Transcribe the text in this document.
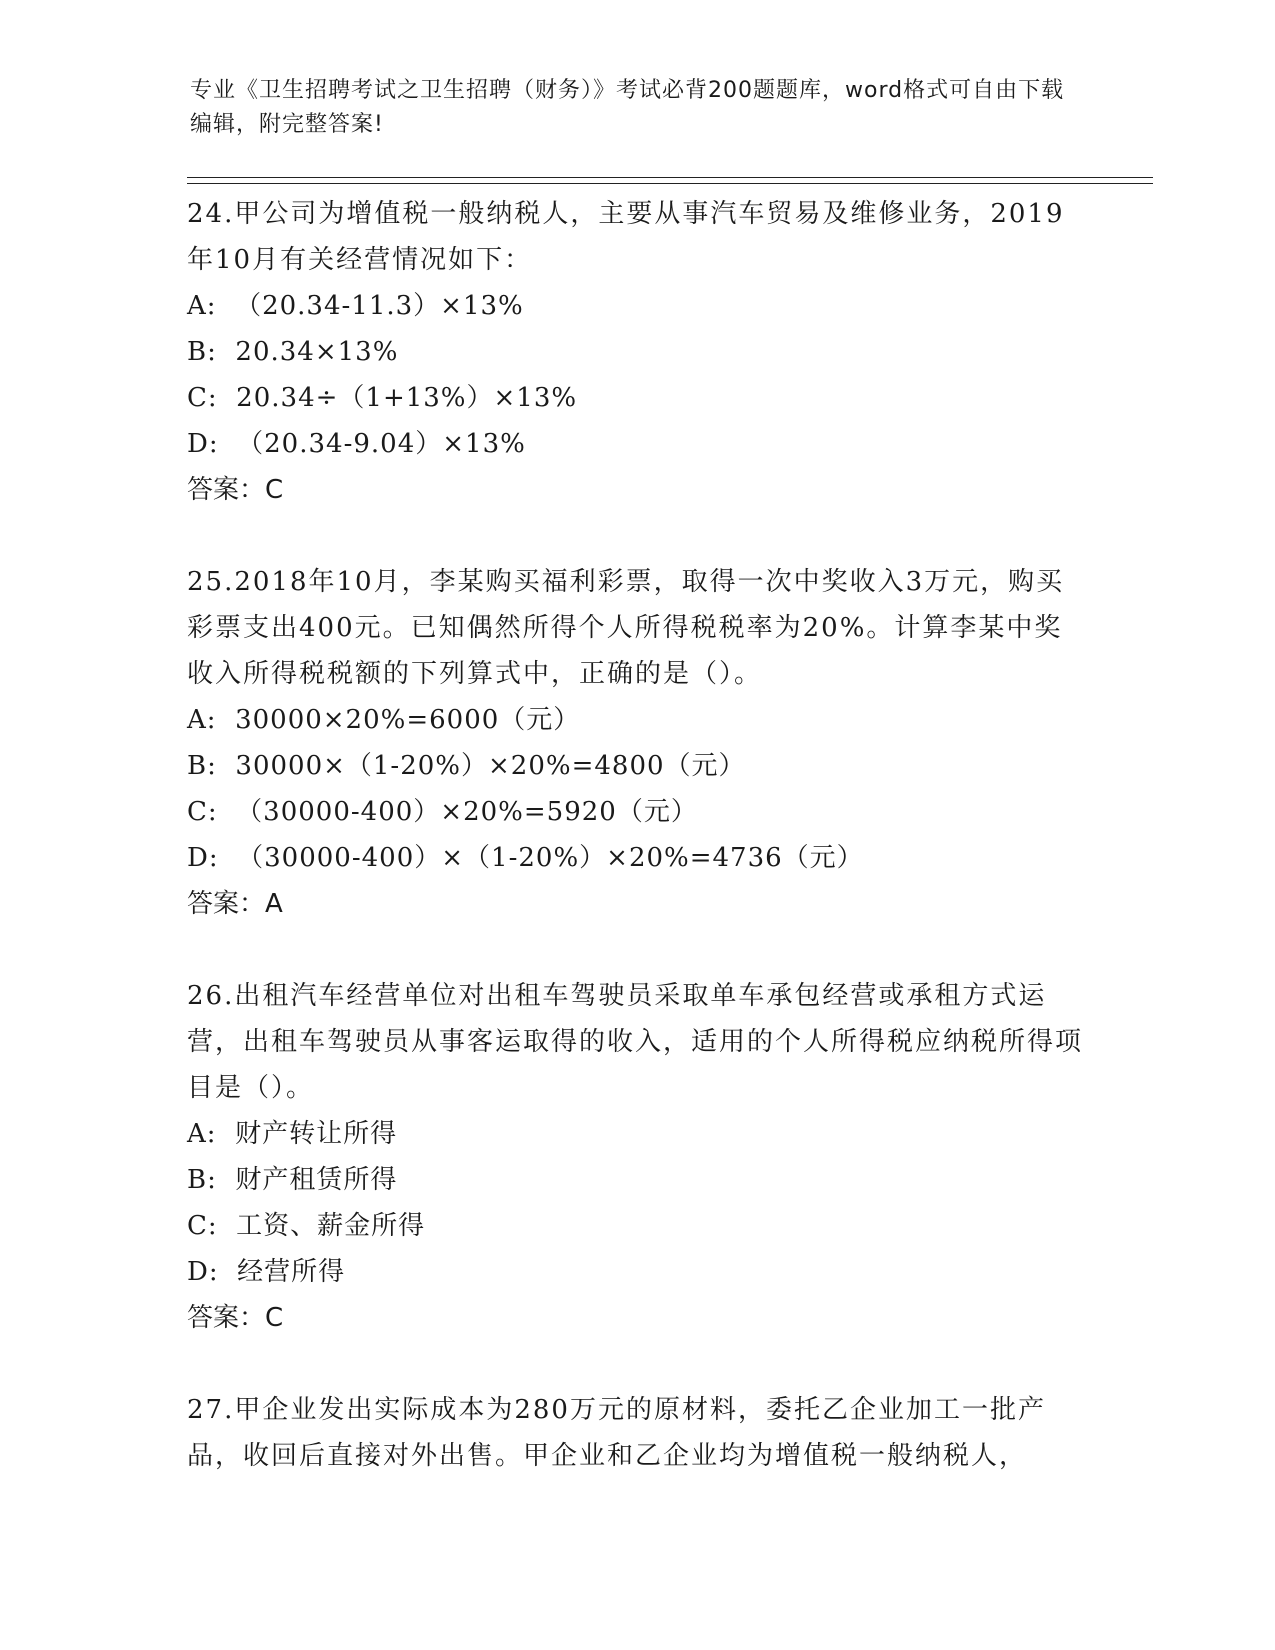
专业《卫生招聘考试之卫生招聘（财务）》考试必背200题题库，word格式可自由下载编辑，附完整答案!

24.甲公司为增值税一般纳税人，主要从事汽车贸易及维修业务，2019年10月有关经营情况如下：

A:  （20.34-11.3）×13%

B:  20.34×13%

C:  20.34÷（1+13%）×13%

D:  （20.34-9.04）×13%

答案：C

25.2018年10月，李某购买福利彩票，取得一次中奖收入3万元，购买彩票支出400元。已知偶然所得个人所得税税率为20%。计算李某中奖收入所得税税额的下列算式中，正确的是（）。

A:  30000×20%=6000（元）

B:  30000×（1-20%）×20%=4800（元）

C:  （30000-400）×20%=5920（元）

D:  （30000-400）×（1-20%）×20%=4736（元）

答案：A

26.出租汽车经营单位对出租车驾驶员采取单车承包经营或承租方式运营，出租车驾驶员从事客运取得的收入，适用的个人所得税应纳税所得项目是（）。

A:  财产转让所得

B:  财产租赁所得

C:  工资、薪金所得

D:  经营所得

答案：C

27.甲企业发出实际成本为280万元的原材料，委托乙企业加工一批产品，收回后直接对外出售。甲企业和乙企业均为增值税一般纳税人，
